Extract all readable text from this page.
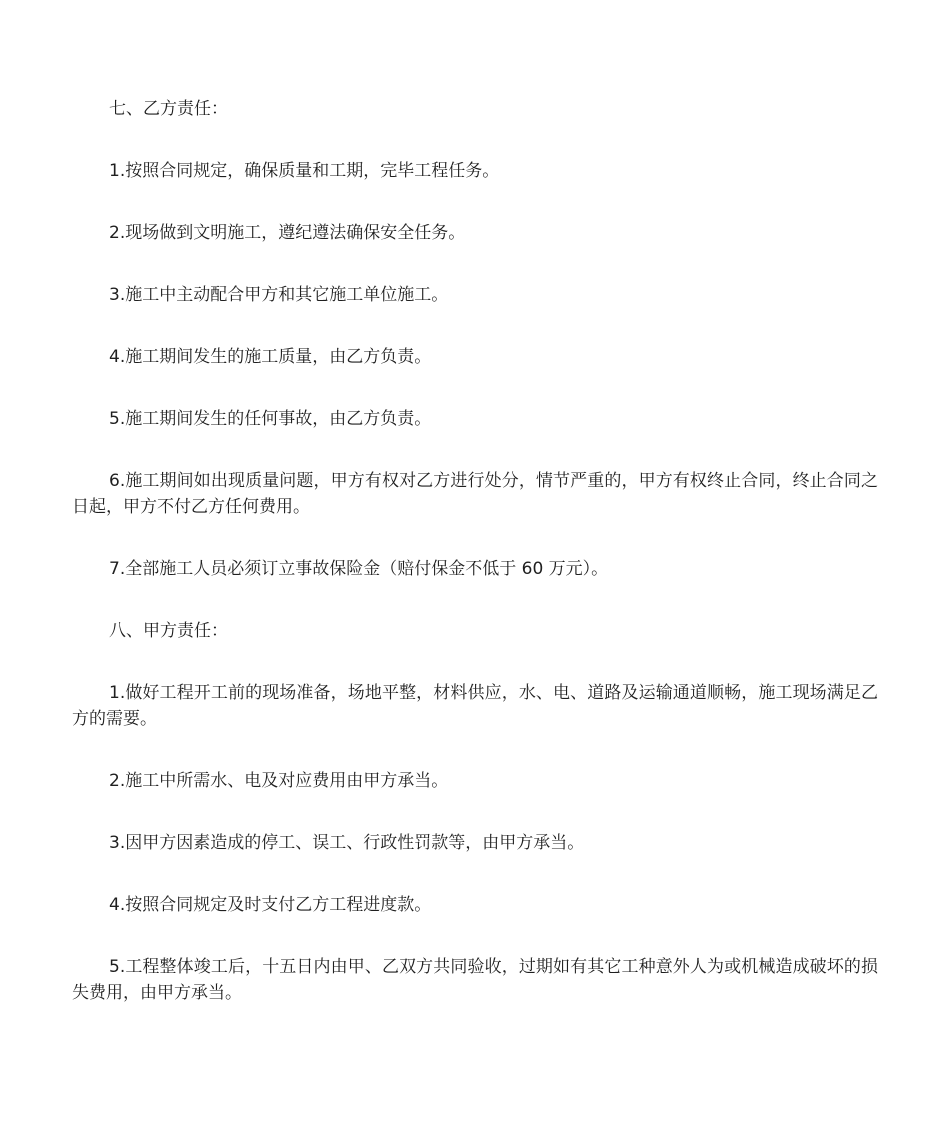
七、乙方责任：

1.按照合同规定，确保质量和工期，完毕工程任务。

2.现场做到文明施工，遵纪遵法确保安全任务。

3.施工中主动配合甲方和其它施工单位施工。

4.施工期间发生的施工质量，由乙方负责。

5.施工期间发生的任何事故，由乙方负责。

6.施工期间如出现质量问题，甲方有权对乙方进行处分，情节严重的，甲方有权终止合同，终止合同之日起，甲方不付乙方任何费用。

7.全部施工人员必须订立事故保险金（赔付保金不低于 60 万元）。

八、甲方责任：

1.做好工程开工前的现场准备，场地平整，材料供应，水、电、道路及运输通道顺畅，施工现场满足乙方的需要。

2.施工中所需水、电及对应费用由甲方承当。

3.因甲方因素造成的停工、误工、行政性罚款等，由甲方承当。

4.按照合同规定及时支付乙方工程进度款。

5.工程整体竣工后，十五日内由甲、乙双方共同验收，过期如有其它工种意外人为或机械造成破坏的损失费用，由甲方承当。
